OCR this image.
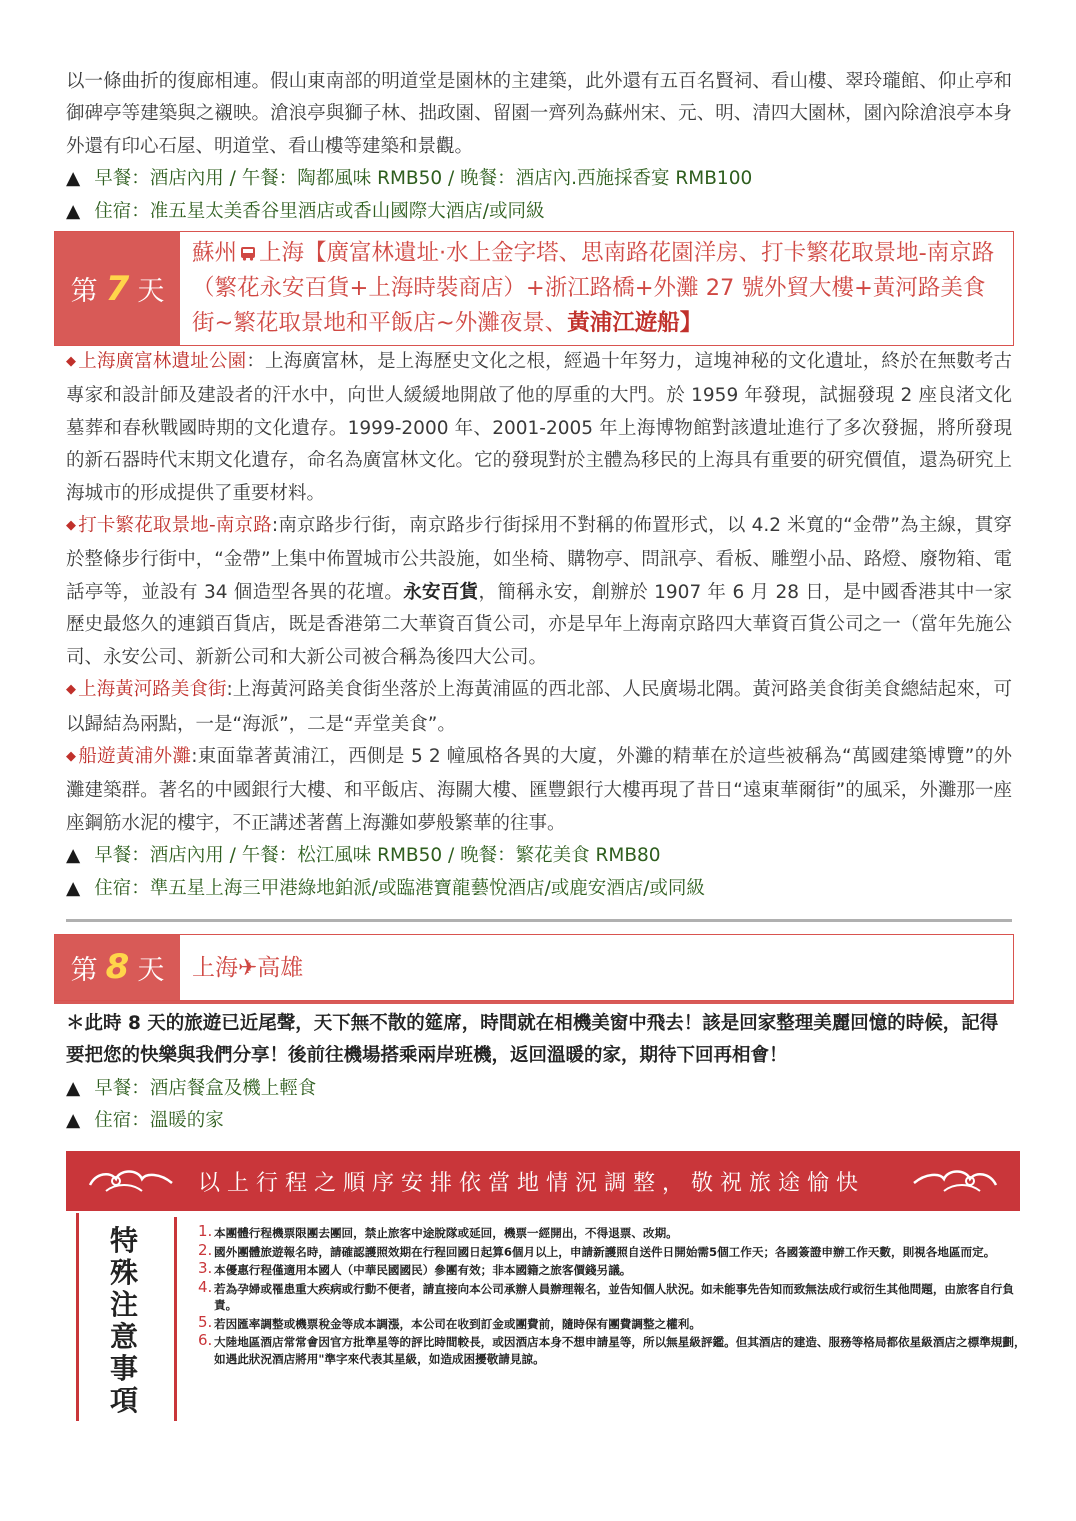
以一條曲折的復廊相連。假山東南部的明道堂是園林的主建築，此外還有五百名賢祠、看山樓、翠玲瓏館、仰止亭和御碑亭等建築與之襯映。滄浪亭與獅子林、拙政園、留園一齊列為蘇州宋、元、明、清四大園林，園內除滄浪亭本身外還有印心石屋、明道堂、看山樓等建築和景觀。

▲ 早餐：酒店內用 / 午餐：陶都風味 RMB50 / 晚餐：酒店內.西施採香宴 RMB100

▲ 住宿：准五星太美香谷里酒店或香山國際大酒店/或同級

第 7 天
蘇州 上海【廣富林遺址·水上金字塔、思南路花園洋房、打卡繁花取景地-南京路（繁花永安百貨+上海時裝商店）+浙江路橋+外灘 27 號外貿大樓+黃河路美食街~繁花取景地和平飯店~外灘夜景、黃浦江遊船】

◆ 上海廣富林遺址公園：上海廣富林，是上海歷史文化之根，經過十年努力，這塊神秘的文化遺址，終於在無數考古專家和設計師及建設者的汗水中，向世人緩緩地開啟了他的厚重的大門。於 1959 年發現，試掘發現 2 座良渚文化墓葬和春秋戰國時期的文化遺存。1999-2000 年、2001-2005 年上海博物館對該遺址進行了多次發掘，將所發現的新石器時代末期文化遺存，命名為廣富林文化。它的發現對於主體為移民的上海具有重要的研究價值，還為研究上海城市的形成提供了重要材料。

◆ 打卡繁花取景地-南京路:南京路步行街，南京路步行街採用不對稱的佈置形式，以 4.2 米寬的“金帶”為主線，貫穿於整條步行街中，“金帶”上集中佈置城市公共設施，如坐椅、購物亭、問訊亭、看板、雕塑小品、路燈、廢物箱、電話亭等，並設有 34 個造型各異的花壇。永安百貨，簡稱永安，創辦於 1907 年 6 月 28 日，是中國香港其中一家歷史最悠久的連鎖百貨店，既是香港第二大華資百貨公司，亦是早年上海南京路四大華資百貨公司之一（當年先施公司、永安公司、新新公司和大新公司被合稱為後四大公司。

◆ 上海黃河路美食街:上海黃河路美食街坐落於上海黃浦區的西北部、人民廣場北隅。黃河路美食街美食總結起來，可以歸結為兩點，一是“海派”，二是“弄堂美食”。

◆ 船遊黃浦外灘:東面靠著黃浦江，西側是 5 2 幢風格各異的大廈，外灘的精華在於這些被稱為“萬國建築博覽”的外灘建築群。著名的中國銀行大樓、和平飯店、海關大樓、匯豐銀行大樓再現了昔日“遠東華爾街”的風采，外灘那一座座鋼筋水泥的樓宇，不正講述著舊上海灘如夢般繁華的往事。

▲ 早餐：酒店內用 / 午餐：松江風味 RMB50 / 晚餐：繁花美食 RMB80

▲ 住宿：準五星上海三甲港綠地鉑派/或臨港寶龍藝悅酒店/或鹿安酒店/或同級

第 8 天 上海✈高雄

＊此時 8 天的旅遊已近尾聲，天下無不散的筵席，時間就在相機美窗中飛去！該是回家整理美麗回憶的時候，記得要把您的快樂與我們分享！後前往機場搭乘兩岸班機，返回溫暖的家，期待下回再相會！

▲ 早餐：酒店餐盒及機上輕食

▲ 住宿：溫暖的家

以上行程之順序安排依當地情況調整，敬祝旅途愉快
特殊注意事項
1. 本團體行程機票限團去團回，禁止旅客中途脫隊或延回，機票一經開出，不得退票、改期。
2. 國外團體旅遊報名時，請確認護照效期在行程回國日起算6個月以上，申請新護照自送件日開始需5個工作天；各國簽證申辦工作天數，則視各地區而定。
3. 本優惠行程僅適用本國人（中華民國國民）參團有效；非本國籍之旅客價錢另議。
4. 若為孕婦或罹患重大疾病或行動不便者，請直接向本公司承辦人員辦理報名，並告知個人狀況。如未能事先告知而致無法成行或衍生其他問題，由旅客自行負責。
5. 若因匯率調整或機票稅金等成本調漲，本公司在收到訂金或團費前，隨時保有團費調整之權利。
6. 大陸地區酒店常常會因官方批準星等的評比時間較長，或因酒店本身不想申請星等，所以無星級評鑑。但其酒店的建造、服務等格局都依星級酒店之標準規劃，如遇此狀況酒店將用"準字來代表其星級，如造成困擾敬請見諒。
